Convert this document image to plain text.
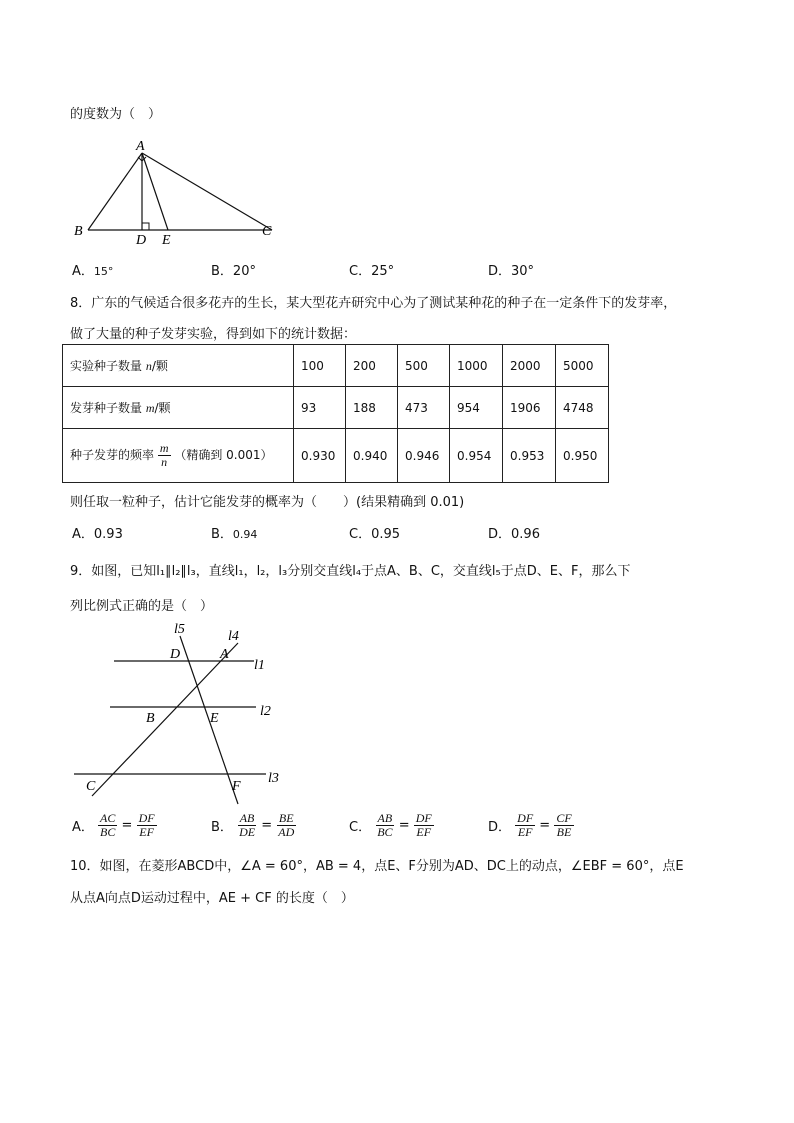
的度数为（　）
A
B	C
D E
A．15°	B．20°	C．25°	D．30°
8．广东的气候适合很多花卉的生长，某大型花卉研究中心为了测试某种花的种子在一定条件下的发芽率，
做了大量的种子发芽实验，得到如下的统计数据：
实验种子数量 n/颗	100	200	500	1000	2000	5000
发芽种子数量 m/颗	93	188	473	954	1906	4748
种子发芽的频率 $\frac{m}{n}$ （精确到 0.001）	0.930	0.940	0.946	0.954	0.953	0.950
则任取一粒种子，估计它能发芽的概率为（　　）(结果精确到 0.01)
A．0.93	B．0.94	C．0.95	D．0.96
9．如图，已知l₁∥l₂∥l₃，直线l₁，l₂，l₃分别交直线l₄于点A、B、C，交直线l₅于点D、E、F，那么下
列比例式正确的是（　）
l5	l4
l1
l2
l3
D	A
B	E
C	F
A． $\frac{AC}{BC} = \frac{DF}{EF}$	B． $\frac{AB}{DE} = \frac{BE}{AD}$	C． $\frac{AB}{BC} = \frac{DF}{EF}$	D． $\frac{DF}{EF} = \frac{CF}{BE}$
10．如图，在菱形ABCD中，∠A = 60°，AB = 4，点E、F分别为AD、DC上的动点，∠EBF = 60°，点E
从点A向点D运动过程中，AE + CF 的长度（　）
